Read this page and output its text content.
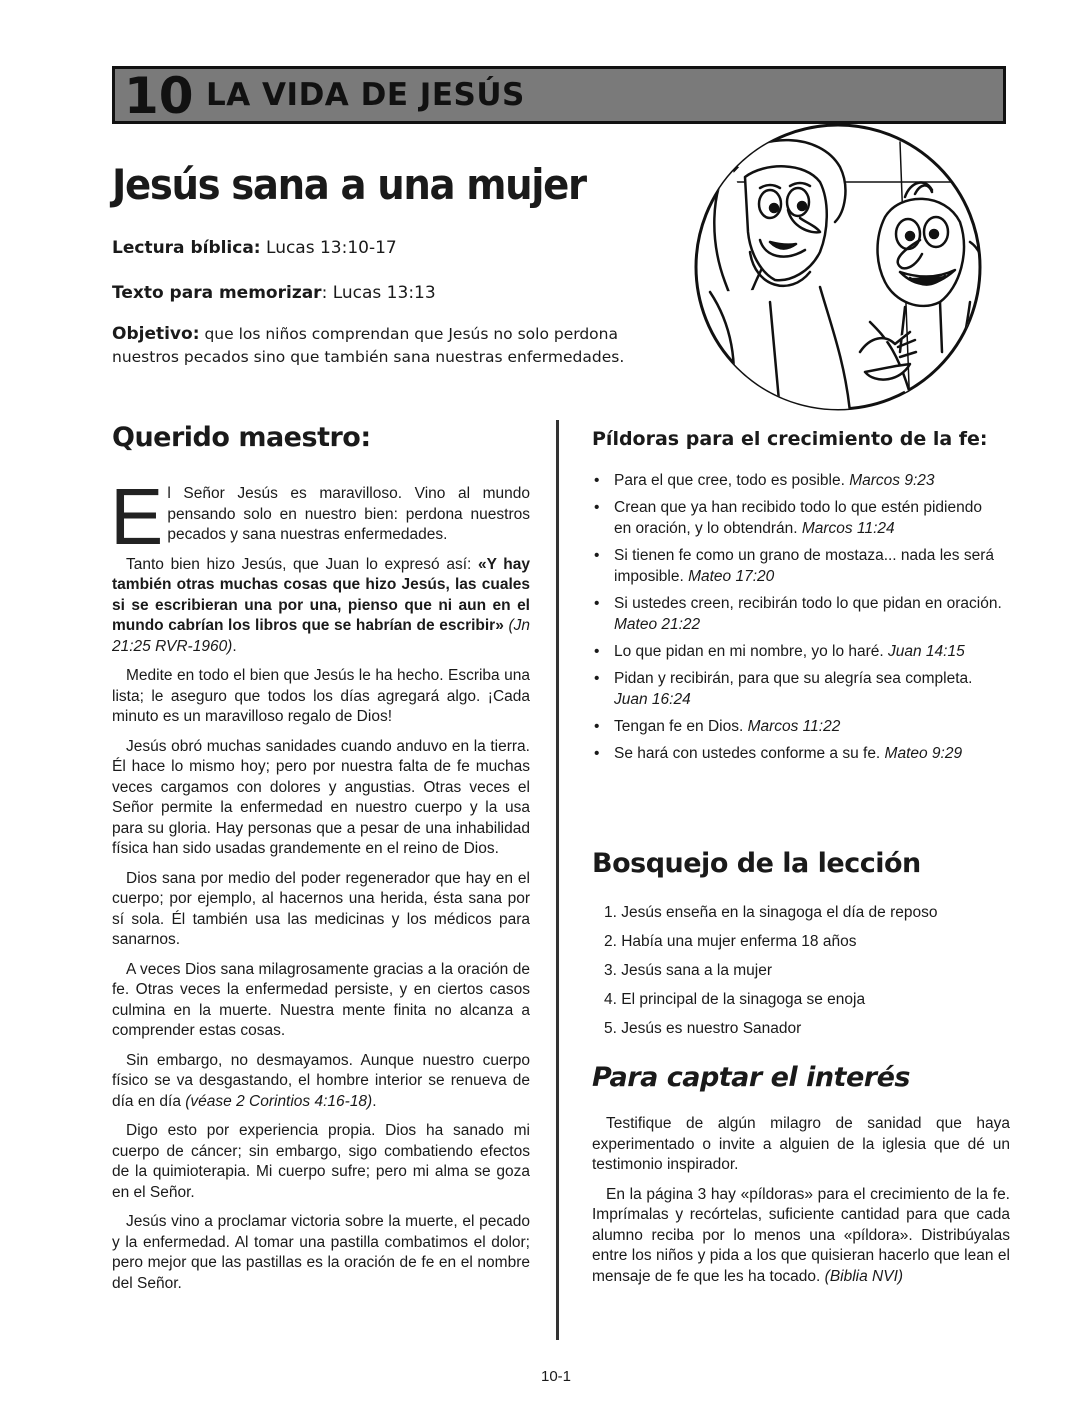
10 LA VIDA DE JESÚS
Jesús sana a una mujer
Lectura bíblica: Lucas 13:10-17
Texto para memorizar: Lucas 13:13
Objetivo: que los niños comprendan que Jesús no solo perdona nuestros pecados sino que también sana nuestras enfermedades.
Querido maestro:

El Señor Jesús es maravilloso. Vino al mundo pensando solo en nuestro bien: perdona nuestros pecados y sana nuestras enfermedades.

Tanto bien hizo Jesús, que Juan lo expresó así: «Y hay también otras muchas cosas que hizo Jesús, las cuales si se escribieran una por una, pienso que ni aun en el mundo cabrían los libros que se habrían de escribir» (Jn 21:25 RVR-1960).

Medite en todo el bien que Jesús le ha hecho. Escriba una lista; le aseguro que todos los días agregará algo. ¡Cada minuto es un maravilloso regalo de Dios!

Jesús obró muchas sanidades cuando anduvo en la tierra. Él hace lo mismo hoy; pero por nuestra falta de fe muchas veces cargamos con dolores y angustias. Otras veces el Señor permite la enfermedad en nuestro cuerpo y la usa para su gloria. Hay personas que a pesar de una inhabilidad física han sido usadas grandemente en el reino de Dios.

Dios sana por medio del poder regenerador que hay en el cuerpo; por ejemplo, al hacernos una herida, ésta sana por sí sola. Él también usa las medicinas y los médicos para sanarnos.

A veces Dios sana milagrosamente gracias a la oración de fe. Otras veces la enfermedad persiste, y en ciertos casos culmina en la muerte. Nuestra mente finita no alcanza a comprender estas cosas.

Sin embargo, no desmayamos. Aunque nuestro cuerpo físico se va desgastando, el hombre interior se renueva de día en día (véase 2 Corintios 4:16-18).

Digo esto por experiencia propia. Dios ha sanado mi cuerpo de cáncer; sin embargo, sigo combatiendo efectos de la quimioterapia. Mi cuerpo sufre; pero mi alma se goza en el Señor.

Jesús vino a proclamar victoria sobre la muerte, el pecado y la enfermedad. Al tomar una pastilla combatimos el dolor; pero mejor que las pastillas es la oración de fe en el nombre del Señor.

Píldoras para el crecimiento de la fe:
• Para el que cree, todo es posible. Marcos 9:23
• Crean que ya han recibido todo lo que estén pidiendo en oración, y lo obtendrán. Marcos 11:24
• Si tienen fe como un grano de mostaza... nada les será imposible. Mateo 17:20
• Si ustedes creen, recibirán todo lo que pidan en oración. Mateo 21:22
• Lo que pidan en mi nombre, yo lo haré. Juan 14:15
• Pidan y recibirán, para que su alegría sea completa. Juan 16:24
• Tengan fe en Dios. Marcos 11:22
• Se hará con ustedes conforme a su fe. Mateo 9:29
Bosquejo de la lección
1. Jesús enseña en la sinagoga el día de reposo
2. Había una mujer enferma 18 años
3. Jesús sana a la mujer
4. El principal de la sinagoga se enoja
5. Jesús es nuestro Sanador
Para captar el interés

Testifique de algún milagro de sanidad que haya experimentado o invite a alguien de la iglesia que dé un testimonio inspirador.

En la página 3 hay «píldoras» para el crecimiento de la fe. Imprímalas y recórtelas, suficiente cantidad para que cada alumno reciba por lo menos una «píldora». Distribúyalas entre los niños y pida a los que quisieran hacerlo que lean el mensaje de fe que les ha tocado. (Biblia NVI)

10-1
